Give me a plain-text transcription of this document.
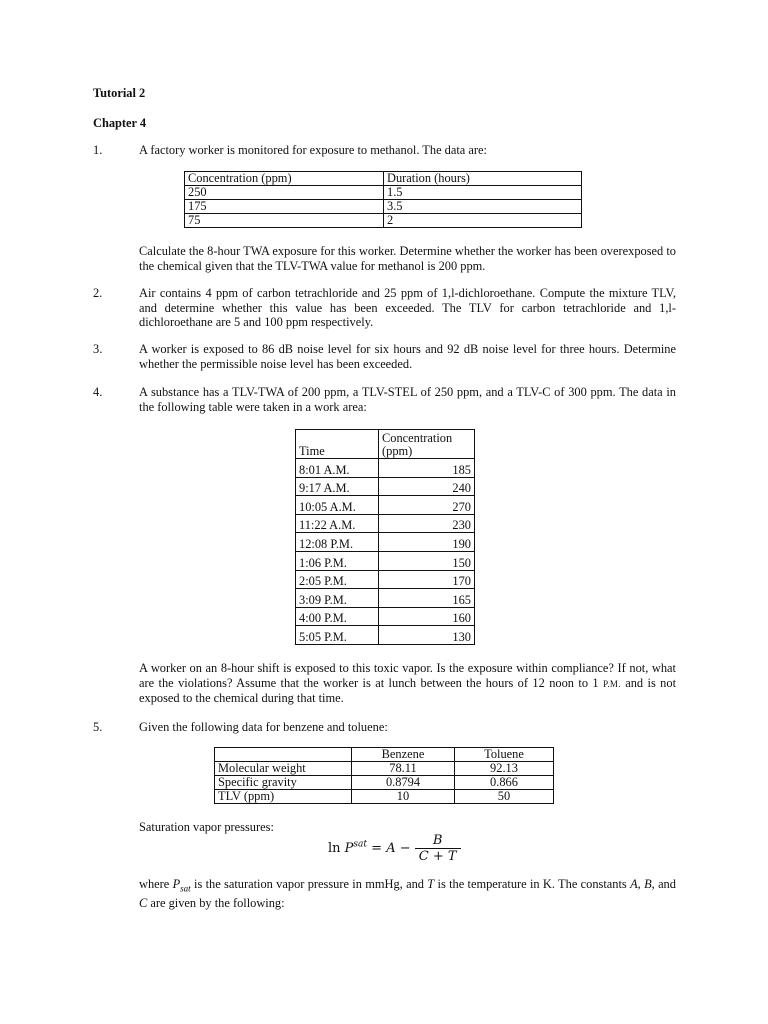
Tutorial 2
Chapter 4
1.	A factory worker is monitored for exposure to methanol. The data are:
Concentration (ppm)	Duration (hours)
250	1.5
175	3.5
75	2
Calculate the 8-hour TWA exposure for this worker. Determine whether the worker has been overexposed to the chemical given that the TLV-TWA value for methanol is 200 ppm.
2.	Air contains 4 ppm of carbon tetrachloride and 25 ppm of 1,l-dichloroethane. Compute the mixture TLV, and determine whether this value has been exceeded. The TLV for carbon tetrachloride and 1,l-dichloroethane are 5 and 100 ppm respectively.
3.	A worker is exposed to 86 dB noise level for six hours and 92 dB noise level for three hours. Determine whether the permissible noise level has been exceeded.
4.	A substance has a TLV-TWA of 200 ppm, a TLV-STEL of 250 ppm, and a TLV-C of 300 ppm. The data in the following table were taken in a work area:
Time	Concentration
(ppm)
8:01 A.M.	185
9:17 A.M.	240
10:05 A.M.	270
11:22 A.M.	230
12:08 P.M.	190
1:06 P.M.	150
2:05 P.M.	170
3:09 P.M.	165
4:00 P.M.	160
5:05 P.M.	130
A worker on an 8-hour shift is exposed to this toxic vapor. Is the exposure within compliance? If not, what are the violations? Assume that the worker is at lunch between the hours of 12 noon to 1 P.M. and is not exposed to the chemical during that time.
5.	Given the following data for benzene and toluene:
	Benzene	Toluene
Molecular weight	78.11	92.13
Specific gravity	0.8794	0.866
TLV (ppm)	10	50
Saturation vapor pressures:
$\ln P^{sat} = A - \frac{B}{C + T}$
where $P_{sat}$ is the saturation vapor pressure in mmHg, and T is the temperature in K. The constants A, B, and C are given by the following:
